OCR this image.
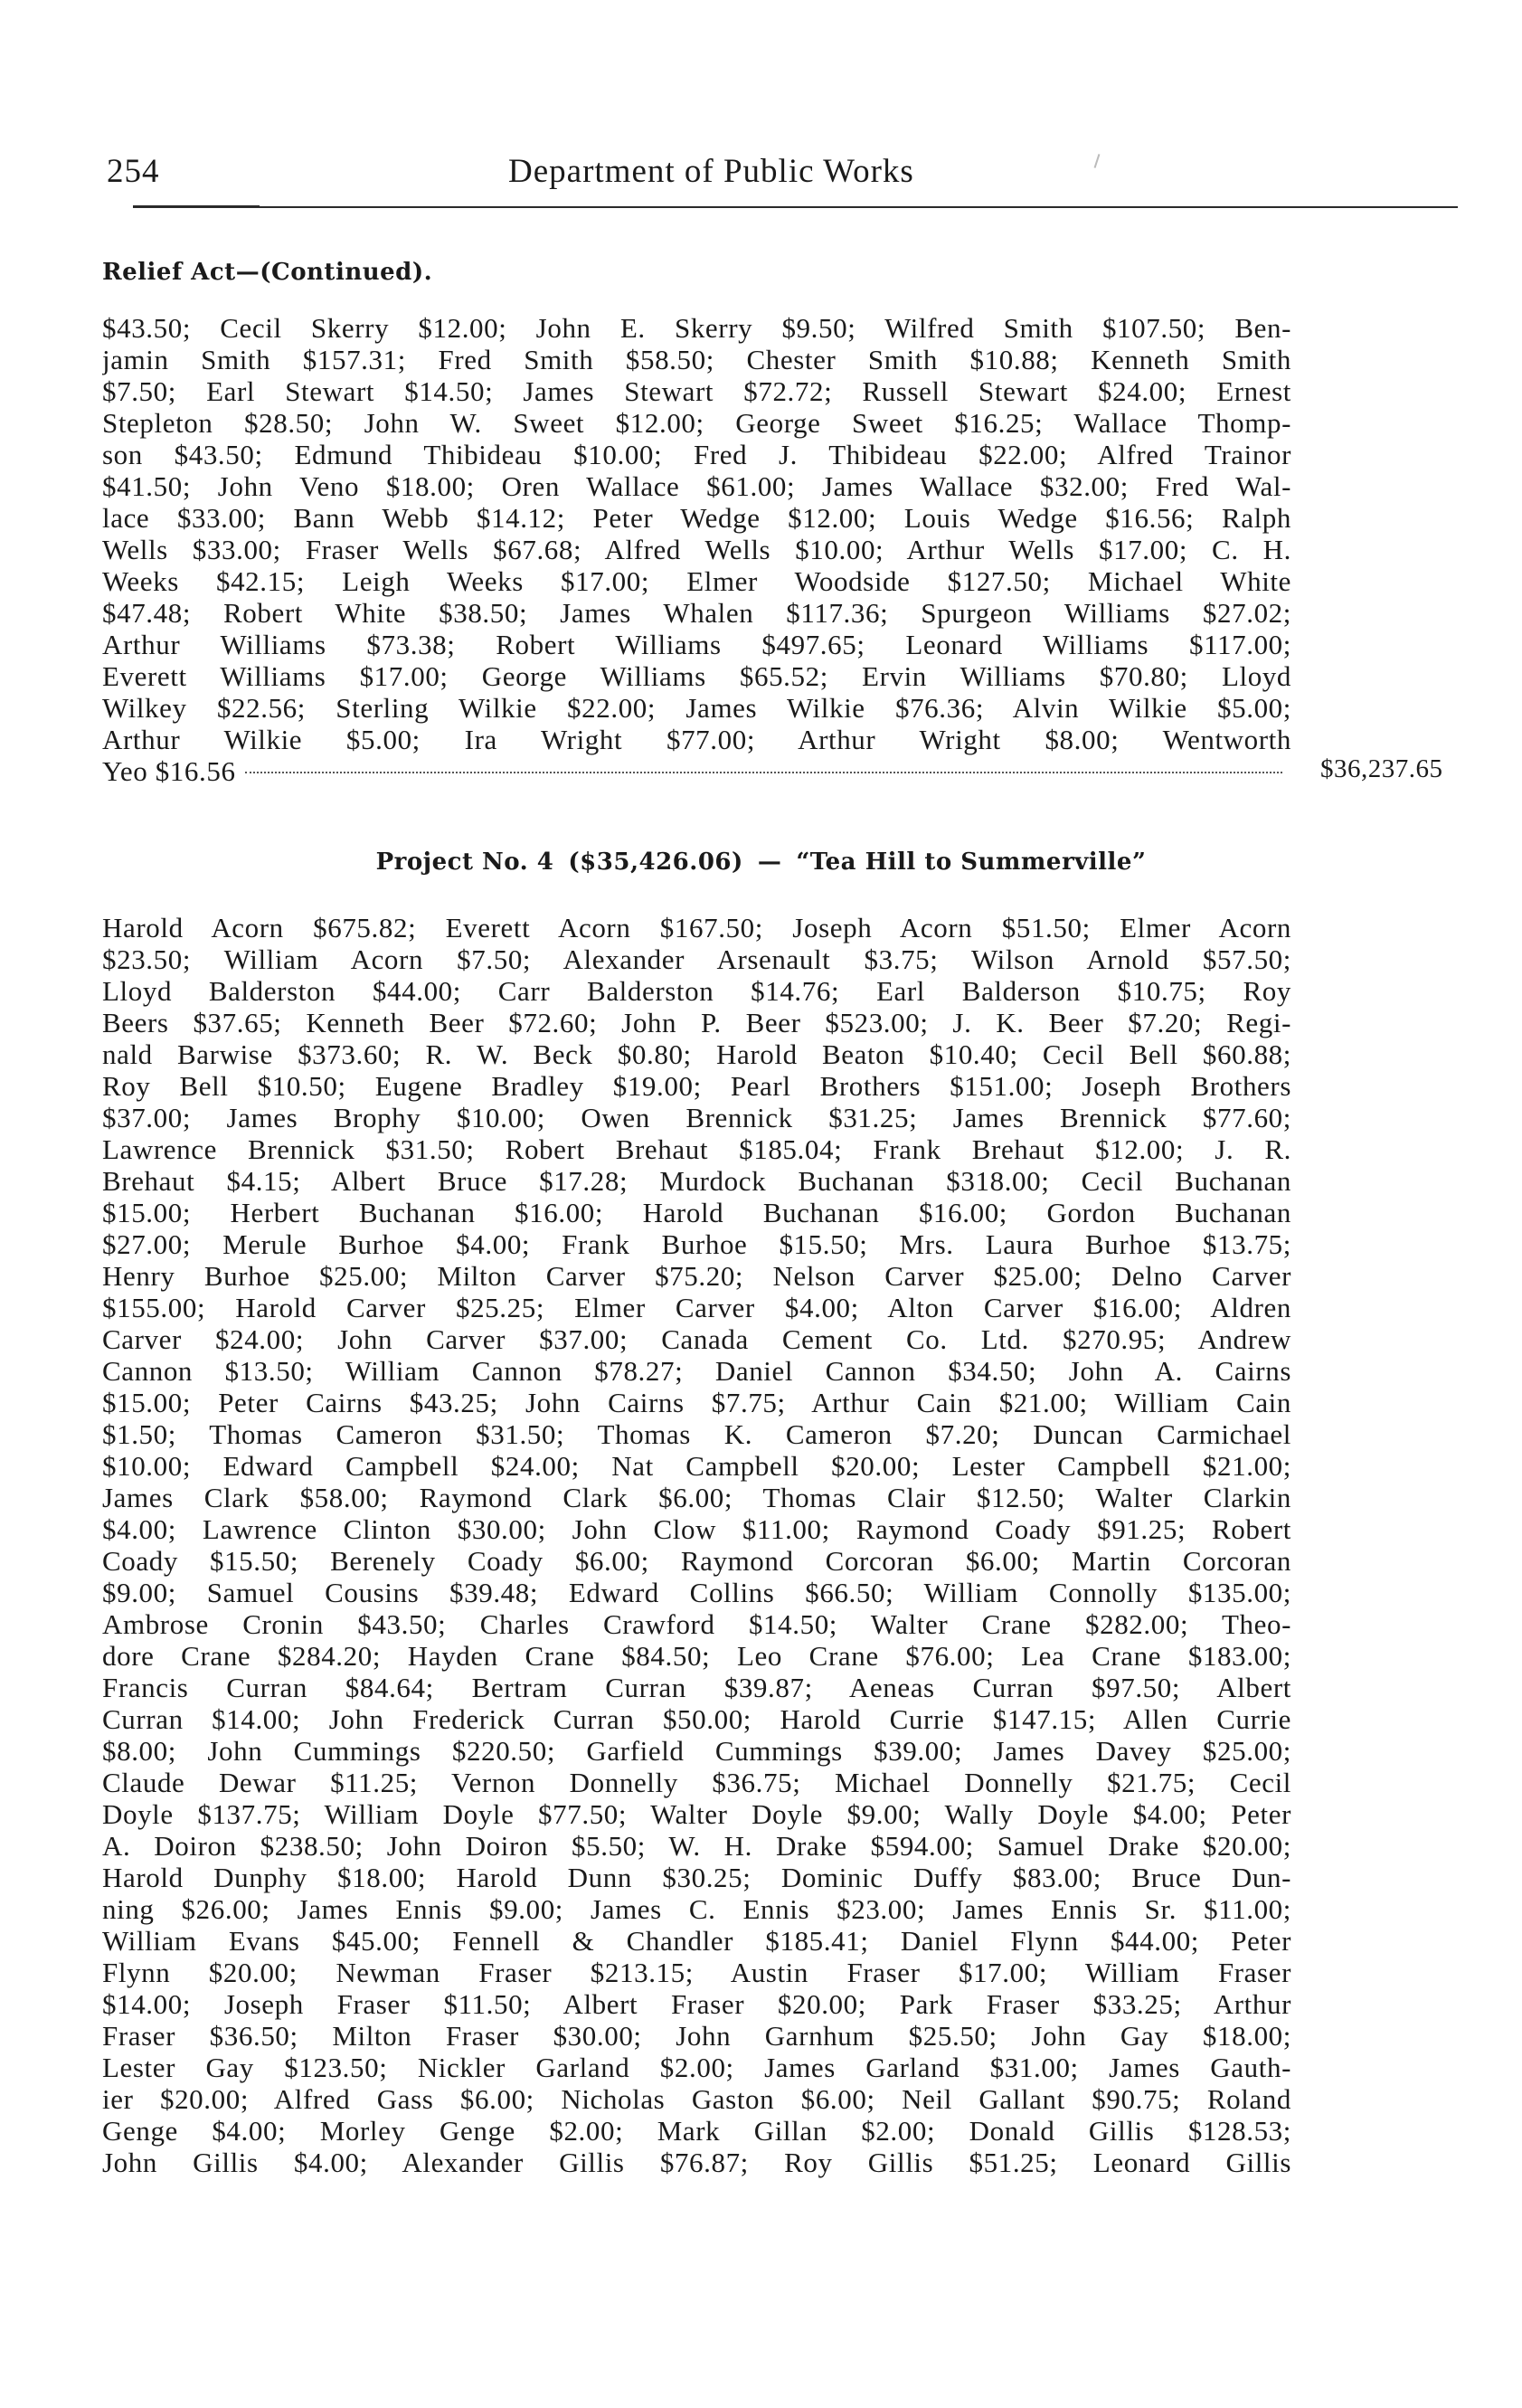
254	Department of Public Works
Relief Act—(Continued).
$43.50; Cecil Skerry $12.00; John E. Skerry $9.50; Wilfred Smith $107.50; Ben-
jamin Smith $157.31; Fred Smith $58.50; Chester Smith $10.88; Kenneth Smith
$7.50; Earl Stewart $14.50; James Stewart $72.72; Russell Stewart $24.00; Ernest
Stepleton $28.50; John W. Sweet $12.00; George Sweet $16.25; Wallace Thomp-
son $43.50; Edmund Thibideau $10.00; Fred J. Thibideau $22.00; Alfred Trainor
$41.50; John Veno $18.00; Oren Wallace $61.00; James Wallace $32.00; Fred Wal-
lace $33.00; Bann Webb $14.12; Peter Wedge $12.00; Louis Wedge $16.56; Ralph
Wells $33.00; Fraser Wells $67.68; Alfred Wells $10.00; Arthur Wells $17.00; C. H.
Weeks $42.15; Leigh Weeks $17.00; Elmer Woodside $127.50; Michael White
$47.48; Robert White $38.50; James Whalen $117.36; Spurgeon Williams $27.02;
Arthur Williams $73.38; Robert Williams $497.65; Leonard Williams $117.00;
Everett Williams $17.00; George Williams $65.52; Ervin Williams $70.80; Lloyd
Wilkey $22.56; Sterling Wilkie $22.00; James Wilkie $76.36; Alvin Wilkie $5.00;
Arthur Wilkie $5.00; Ira Wright $77.00; Arthur Wright $8.00; Wentworth
Yeo $16.56	$36,237.65
Project No. 4 ($35,426.06) — “Tea Hill to Summerville”
Harold Acorn $675.82; Everett Acorn $167.50; Joseph Acorn $51.50; Elmer Acorn
$23.50; William Acorn $7.50; Alexander Arsenault $3.75; Wilson Arnold $57.50;
Lloyd Balderston $44.00; Carr Balderston $14.76; Earl Balderson $10.75; Roy
Beers $37.65; Kenneth Beer $72.60; John P. Beer $523.00; J. K. Beer $7.20; Regi-
nald Barwise $373.60; R. W. Beck $0.80; Harold Beaton $10.40; Cecil Bell $60.88;
Roy Bell $10.50; Eugene Bradley $19.00; Pearl Brothers $151.00; Joseph Brothers
$37.00; James Brophy $10.00; Owen Brennick $31.25; James Brennick $77.60;
Lawrence Brennick $31.50; Robert Brehaut $185.04; Frank Brehaut $12.00; J. R.
Brehaut $4.15; Albert Bruce $17.28; Murdock Buchanan $318.00; Cecil Buchanan
$15.00; Herbert Buchanan $16.00; Harold Buchanan $16.00; Gordon Buchanan
$27.00; Merule Burhoe $4.00; Frank Burhoe $15.50; Mrs. Laura Burhoe $13.75;
Henry Burhoe $25.00; Milton Carver $75.20; Nelson Carver $25.00; Delno Carver
$155.00; Harold Carver $25.25; Elmer Carver $4.00; Alton Carver $16.00; Aldren
Carver $24.00; John Carver $37.00; Canada Cement Co. Ltd. $270.95; Andrew
Cannon $13.50; William Cannon $78.27; Daniel Cannon $34.50; John A. Cairns
$15.00; Peter Cairns $43.25; John Cairns $7.75; Arthur Cain $21.00; William Cain
$1.50; Thomas Cameron $31.50; Thomas K. Cameron $7.20; Duncan Carmichael
$10.00; Edward Campbell $24.00; Nat Campbell $20.00; Lester Campbell $21.00;
James Clark $58.00; Raymond Clark $6.00; Thomas Clair $12.50; Walter Clarkin
$4.00; Lawrence Clinton $30.00; John Clow $11.00; Raymond Coady $91.25; Robert
Coady $15.50; Berenely Coady $6.00; Raymond Corcoran $6.00; Martin Corcoran
$9.00; Samuel Cousins $39.48; Edward Collins $66.50; William Connolly $135.00;
Ambrose Cronin $43.50; Charles Crawford $14.50; Walter Crane $282.00; Theo-
dore Crane $284.20; Hayden Crane $84.50; Leo Crane $76.00; Lea Crane $183.00;
Francis Curran $84.64; Bertram Curran $39.87; Aeneas Curran $97.50; Albert
Curran $14.00; John Frederick Curran $50.00; Harold Currie $147.15; Allen Currie
$8.00; John Cummings $220.50; Garfield Cummings $39.00; James Davey $25.00;
Claude Dewar $11.25; Vernon Donnelly $36.75; Michael Donnelly $21.75; Cecil
Doyle $137.75; William Doyle $77.50; Walter Doyle $9.00; Wally Doyle $4.00; Peter
A. Doiron $238.50; John Doiron $5.50; W. H. Drake $594.00; Samuel Drake $20.00;
Harold Dunphy $18.00; Harold Dunn $30.25; Dominic Duffy $83.00; Bruce Dun-
ning $26.00; James Ennis $9.00; James C. Ennis $23.00; James Ennis Sr. $11.00;
William Evans $45.00; Fennell & Chandler $185.41; Daniel Flynn $44.00; Peter
Flynn $20.00; Newman Fraser $213.15; Austin Fraser $17.00; William Fraser
$14.00; Joseph Fraser $11.50; Albert Fraser $20.00; Park Fraser $33.25; Arthur
Fraser $36.50; Milton Fraser $30.00; John Garnhum $25.50; John Gay $18.00;
Lester Gay $123.50; Nickler Garland $2.00; James Garland $31.00; James Gauth-
ier $20.00; Alfred Gass $6.00; Nicholas Gaston $6.00; Neil Gallant $90.75; Roland
Genge $4.00; Morley Genge $2.00; Mark Gillan $2.00; Donald Gillis $128.53;
John Gillis $4.00; Alexander Gillis $76.87; Roy Gillis $51.25; Leonard Gillis
